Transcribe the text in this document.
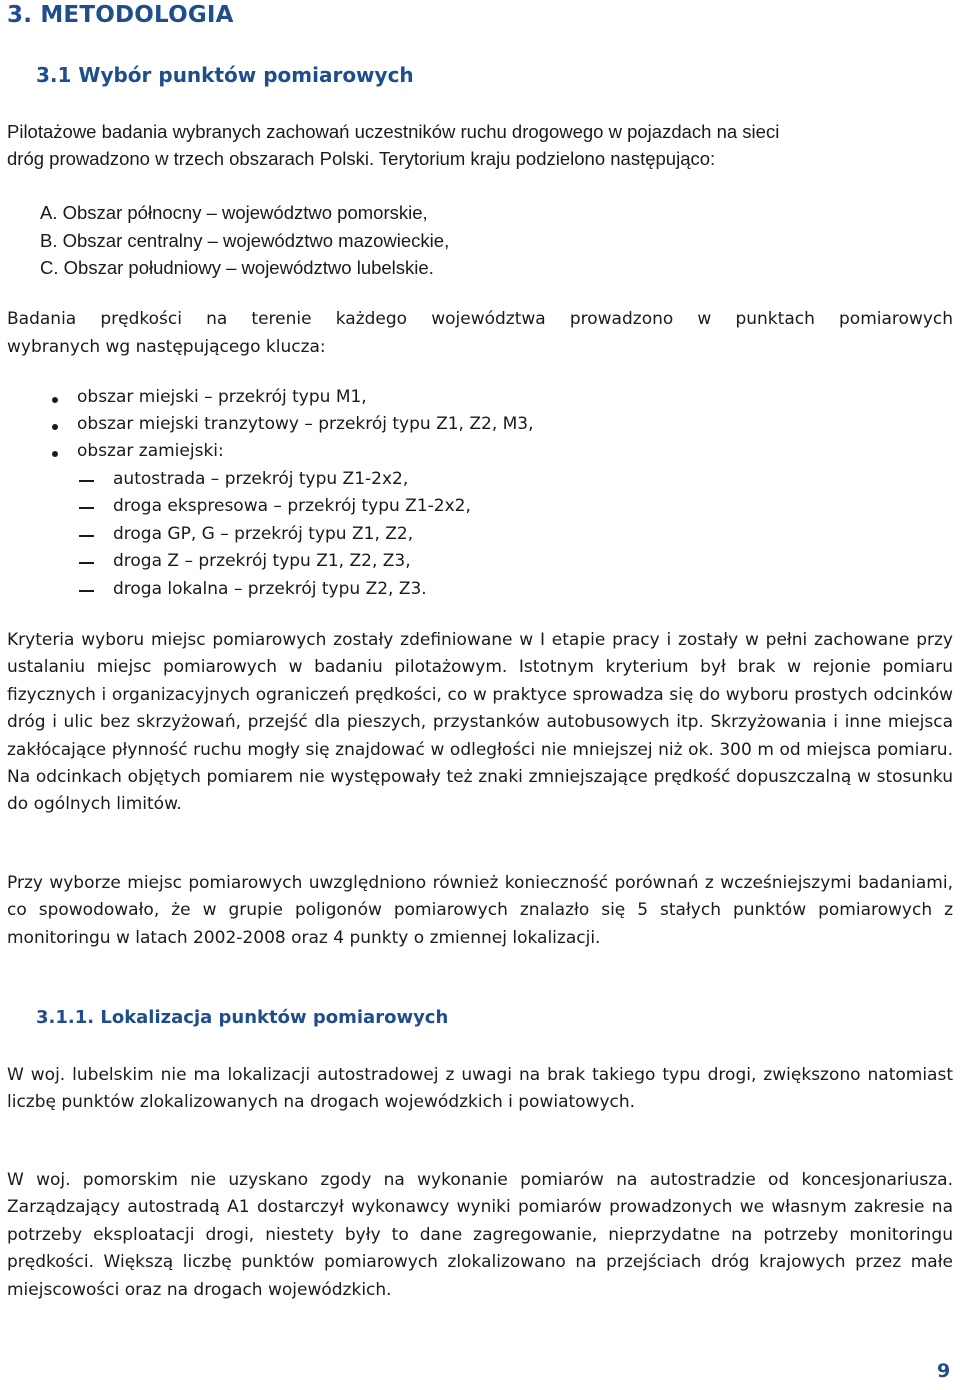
3. METODOLOGIA
3.1 Wybór punktów pomiarowych
Pilotażowe badania wybranych zachowań uczestników ruchu drogowego w pojazdach na sieci
dróg prowadzono w trzech obszarach Polski. Terytorium kraju podzielono następująco:
A. Obszar północny – województwo pomorskie,
B. Obszar centralny – województwo mazowieckie,
C. Obszar południowy – województwo lubelskie.
Badania prędkości na terenie każdego województwa prowadzono w punktach pomiarowych
wybranych wg następującego klucza:
obszar miejski – przekrój typu M1,
obszar miejski tranzytowy – przekrój typu Z1, Z2, M3,
obszar zamiejski:
autostrada – przekrój typu Z1-2x2,
droga ekspresowa – przekrój typu Z1-2x2,
droga GP, G – przekrój typu Z1, Z2,
droga Z – przekrój typu Z1, Z2, Z3,
droga lokalna – przekrój typu Z2, Z3.

Kryteria wyboru miejsc pomiarowych zostały zdefiniowane w I etapie pracy i zostały w pełni zachowane przy ustalaniu miejsc pomiarowych w badaniu pilotażowym. Istotnym kryterium był brak w rejonie pomiaru fizycznych i organizacyjnych ograniczeń prędkości, co w praktyce sprowadza się do wyboru prostych odcinków dróg i ulic bez skrzyżowań, przejść dla pieszych, przystanków autobusowych itp. Skrzyżowania i inne miejsca zakłócające płynność ruchu mogły się znajdować w odległości nie mniejszej niż ok. 300 m od miejsca pomiaru. Na odcinkach objętych pomiarem nie występowały też znaki zmniejszające prędkość dopuszczalną w stosunku do ogólnych limitów.

Przy wyborze miejsc pomiarowych uwzględniono również konieczność porównań z wcześniejszymi badaniami, co spowodowało, że w grupie poligonów pomiarowych znalazło się 5 stałych punktów pomiarowych z monitoringu w latach 2002-2008 oraz 4 punkty o zmiennej lokalizacji.

3.1.1. Lokalizacja punktów pomiarowych

W woj. lubelskim nie ma lokalizacji autostradowej z uwagi na brak takiego typu drogi, zwiększono natomiast liczbę punktów zlokalizowanych na drogach wojewódzkich i powiatowych.

W woj. pomorskim nie uzyskano zgody na wykonanie pomiarów na autostradzie od koncesjonariusza. Zarządzający autostradą A1 dostarczył wykonawcy wyniki pomiarów prowadzonych we własnym zakresie na potrzeby eksploatacji drogi, niestety były to dane zagregowanie, nieprzydatne na potrzeby monitoringu prędkości. Większą liczbę punktów pomiarowych zlokalizowano na przejściach dróg krajowych przez małe miejscowości oraz na drogach wojewódzkich.

9
